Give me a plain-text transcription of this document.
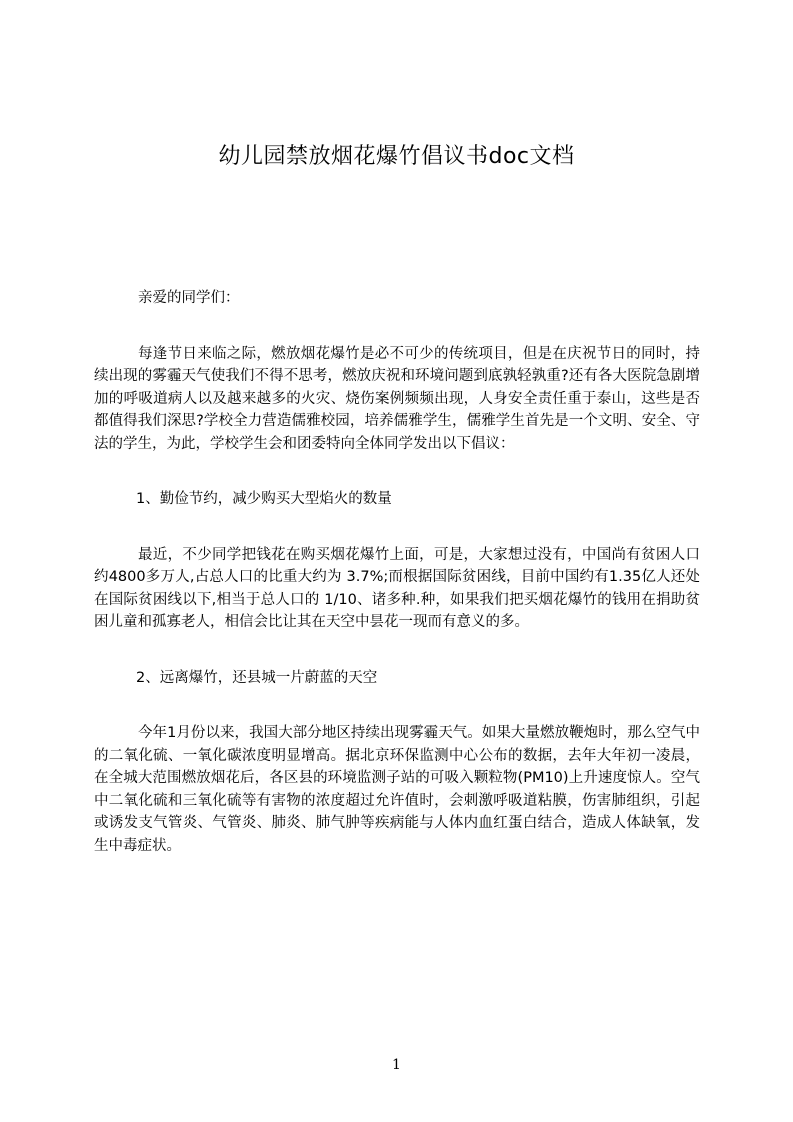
幼儿园禁放烟花爆竹倡议书doc文档

亲爱的同学们：

每逢节日来临之际，燃放烟花爆竹是必不可少的传统项目，但是在庆祝节日的同时，持续出现的雾霾天气使我们不得不思考，燃放庆祝和环境问题到底孰轻孰重?还有各大医院急剧增加的呼吸道病人以及越来越多的火灾、烧伤案例频频出现，人身安全责任重于泰山，这些是否都值得我们深思?学校全力营造儒雅校园，培养儒雅学生，儒雅学生首先是一个文明、安全、守法的学生，为此，学校学生会和团委特向全体同学发出以下倡议：

1、勤俭节约，减少购买大型焰火的数量

最近，不少同学把钱花在购买烟花爆竹上面，可是，大家想过没有，中国尚有贫困人口约4800多万人,占总人口的比重大约为 3.7%;而根据国际贫困线，目前中国约有1.35亿人还处在国际贫困线以下,相当于总人口的 1/10、诸多种.种，如果我们把买烟花爆竹的钱用在捐助贫困儿童和孤寡老人，相信会比让其在天空中昙花一现而有意义的多。

2、远离爆竹，还县城一片蔚蓝的天空

今年1月份以来，我国大部分地区持续出现雾霾天气。如果大量燃放鞭炮时，那么空气中的二氧化硫、一氧化碳浓度明显增高。据北京环保监测中心公布的数据，去年大年初一凌晨，在全城大范围燃放烟花后，各区县的环境监测子站的可吸入颗粒物(PM10)上升速度惊人。空气中二氧化硫和三氧化硫等有害物的浓度超过允许值时，会刺激呼吸道粘膜，伤害肺组织，引起或诱发支气管炎、气管炎、肺炎、肺气肿等疾病能与人体内血红蛋白结合，造成人体缺氧，发生中毒症状。

1
